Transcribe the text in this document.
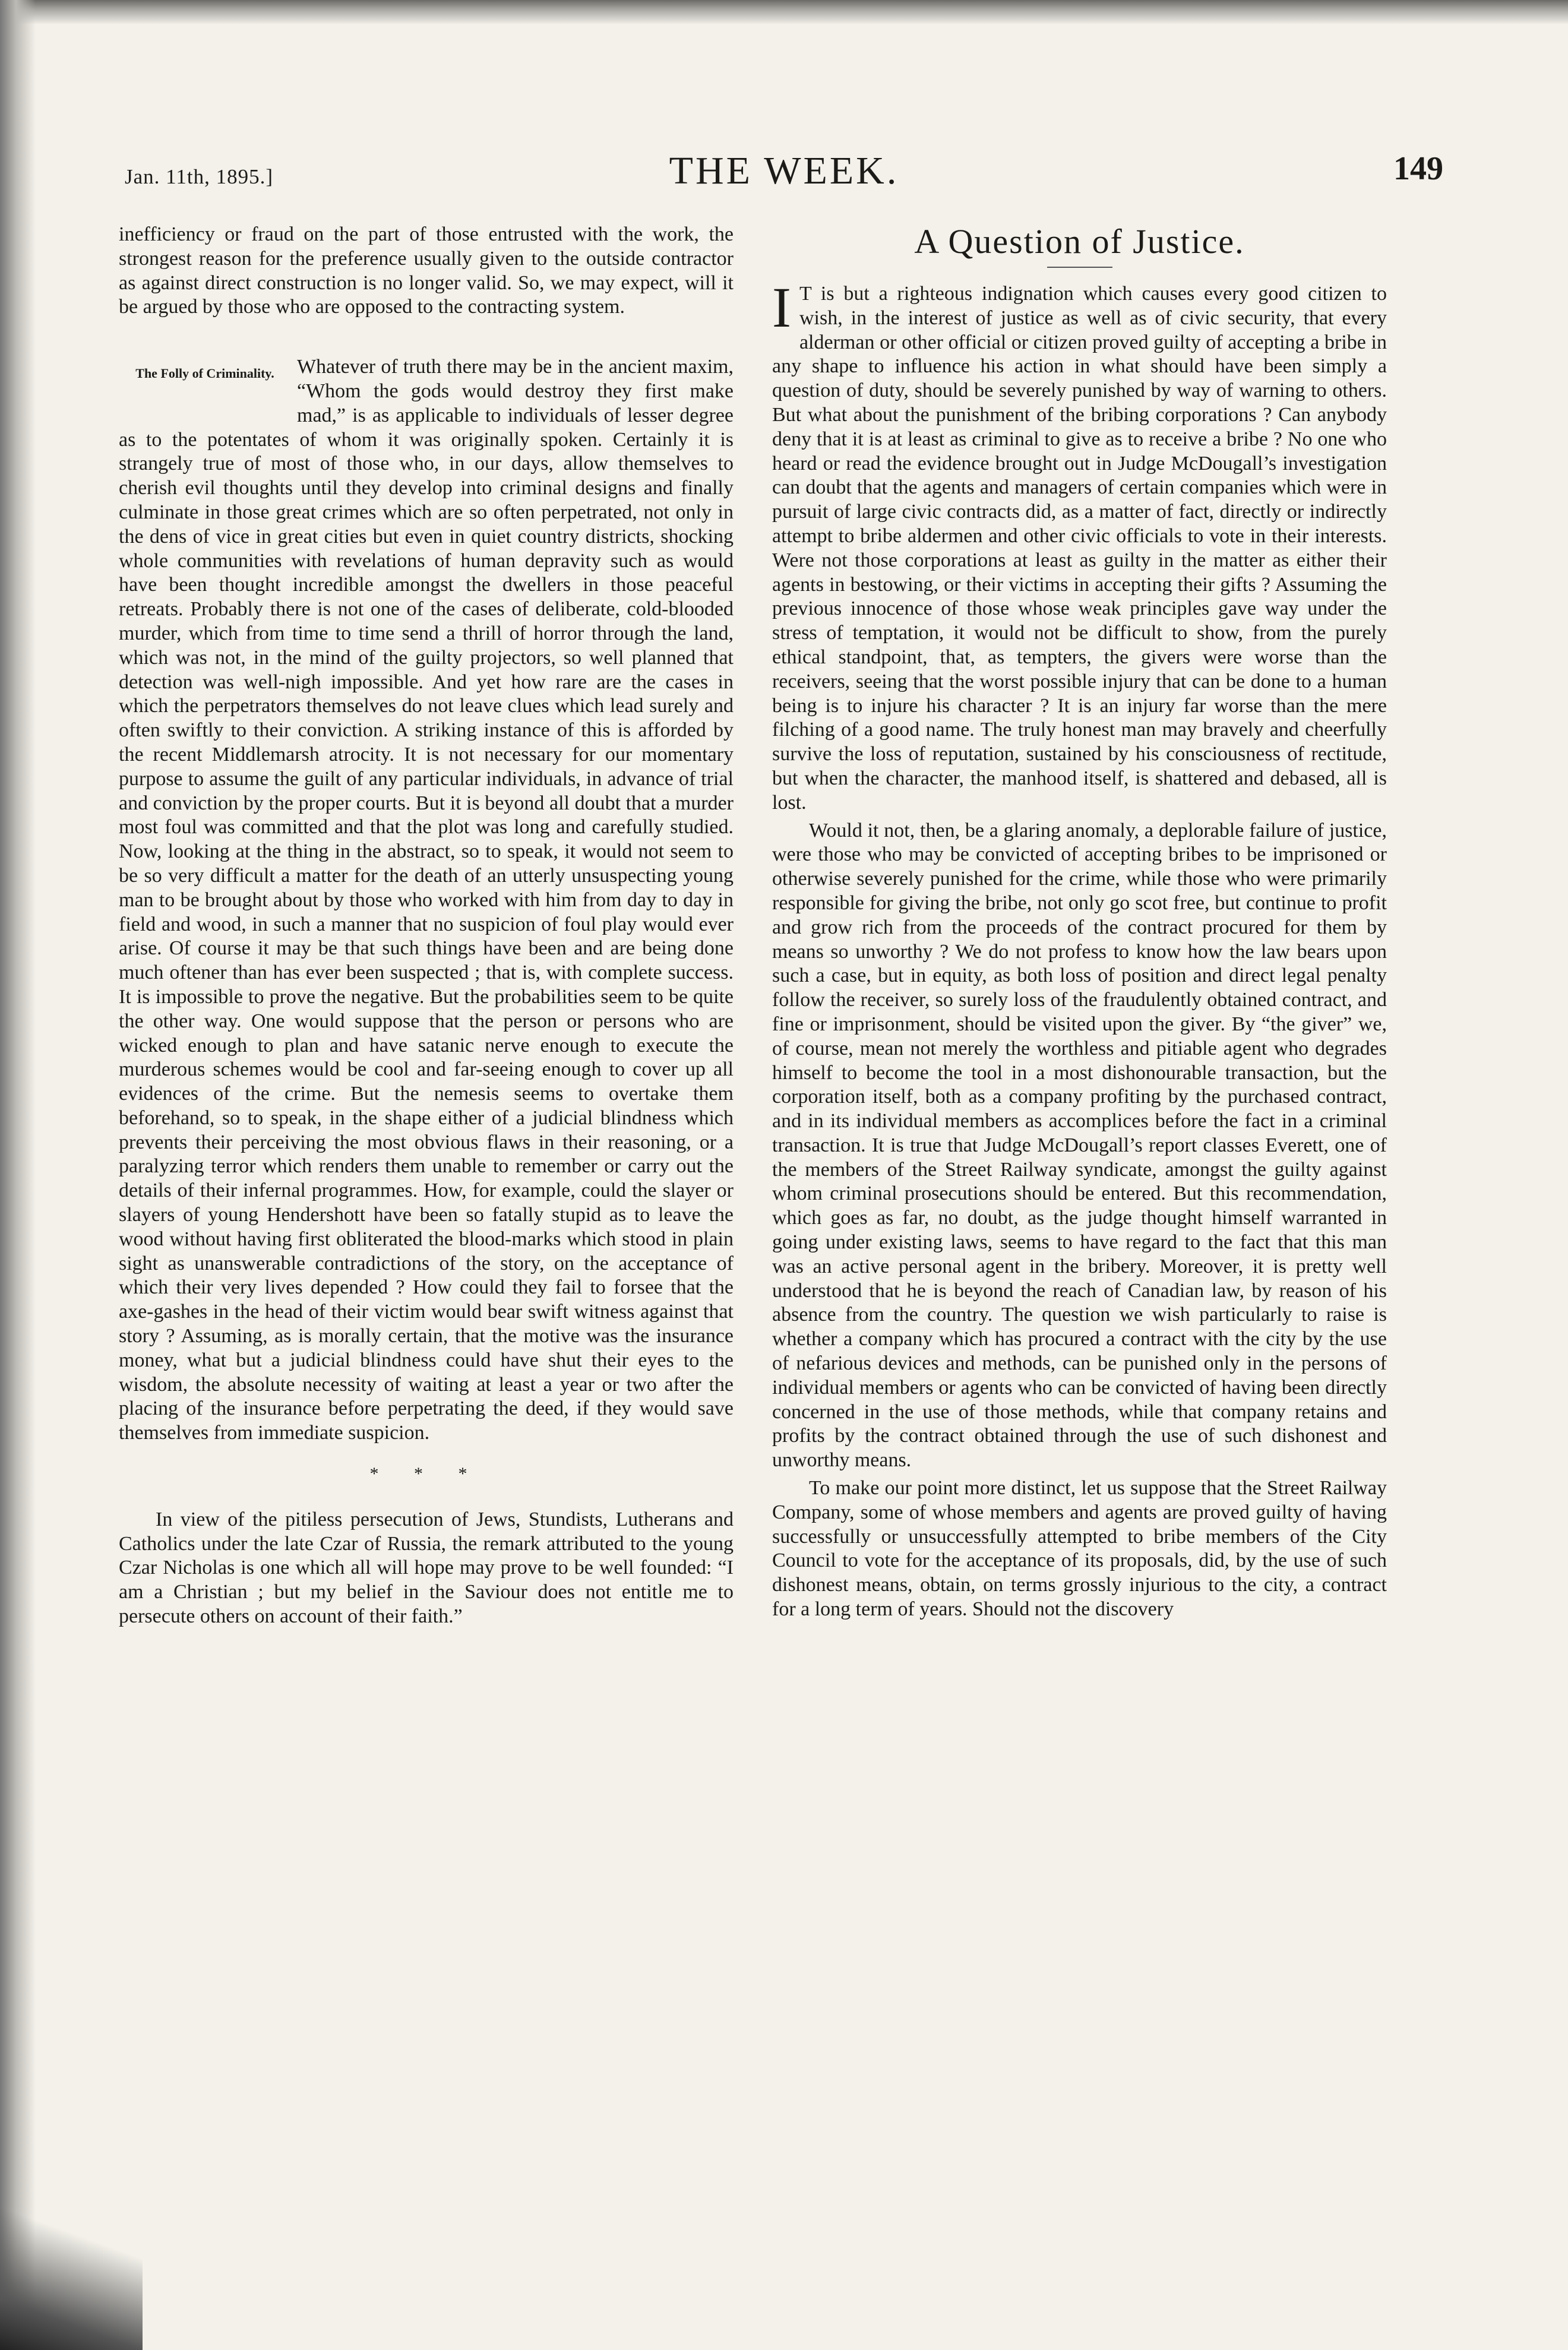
Jan. 11th, 1895.]	THE WEEK.	149

inefficiency or fraud on the part of those entrusted with the work, the strongest reason for the preference usually given to the outside contractor as against direct construction is no longer valid. So, we may expect, will it be argued by those who are opposed to the contracting system.

The Folly of Criminality.	Whatever of truth there may be in the ancient maxim, “Whom the gods would destroy they first make mad,” is as applicable to individuals of lesser degree as to the potentates of whom it was originally spoken. Certainly it is strangely true of most of those who, in our days, allow themselves to cherish evil thoughts until they develop into criminal designs and finally culminate in those great crimes which are so often perpetrated, not only in the dens of vice in great cities but even in quiet country districts, shocking whole communities with revelations of human depravity such as would have been thought incredible amongst the dwellers in those peaceful retreats. Probably there is not one of the cases of deliberate, cold-blooded murder, which from time to time send a thrill of horror through the land, which was not, in the mind of the guilty projectors, so well planned that detection was well-nigh impossible. And yet how rare are the cases in which the perpetrators themselves do not leave clues which lead surely and often swiftly to their conviction. A striking instance of this is afforded by the recent Middlemarsh atrocity. It is not necessary for our momentary purpose to assume the guilt of any particular individuals, in advance of trial and conviction by the proper courts. But it is beyond all doubt that a murder most foul was committed and that the plot was long and carefully studied. Now, looking at the thing in the abstract, so to speak, it would not seem to be so very difficult a matter for the death of an utterly unsuspecting young man to be brought about by those who worked with him from day to day in field and wood, in such a manner that no suspicion of foul play would ever arise. Of course it may be that such things have been and are being done much oftener than has ever been suspected ; that is, with complete success. It is impossible to prove the negative. But the probabilities seem to be quite the other way. One would suppose that the person or persons who are wicked enough to plan and have satanic nerve enough to execute the murderous schemes would be cool and far-seeing enough to cover up all evidences of the crime. But the nemesis seems to overtake them beforehand, so to speak, in the shape either of a judicial blindness which prevents their perceiving the most obvious flaws in their reasoning, or a paralyzing terror which renders them unable to remember or carry out the details of their infernal programmes. How, for example, could the slayer or slayers of young Hendershott have been so fatally stupid as to leave the wood without having first obliterated the blood-marks which stood in plain sight as unanswerable contradictions of the story, on the acceptance of which their very lives depended ? How could they fail to forsee that the axe-gashes in the head of their victim would bear swift witness against that story ? Assuming, as is morally certain, that the motive was the insurance money, what but a judicial blindness could have shut their eyes to the wisdom, the absolute necessity of waiting at least a year or two after the placing of the insurance before perpetrating the deed, if they would save themselves from immediate suspicion.

* * *

In view of the pitiless persecution of Jews, Stundists, Lutherans and Catholics under the late Czar of Russia, the remark attributed to the young Czar Nicholas is one which all will hope may prove to be well founded: “I am a Christian ; but my belief in the Saviour does not entitle me to persecute others on account of their faith.”

A Question of Justice.

I T is but a righteous indignation which causes every good citizen to wish, in the interest of justice as well as of civic security, that every alderman or other official or citizen proved guilty of accepting a bribe in any shape to influence his action in what should have been simply a question of duty, should be severely punished by way of warning to others. But what about the punishment of the bribing corporations ? Can anybody deny that it is at least as criminal to give as to receive a bribe ? No one who heard or read the evidence brought out in Judge McDougall’s investigation can doubt that the agents and managers of certain companies which were in pursuit of large civic contracts did, as a matter of fact, directly or indirectly attempt to bribe aldermen and other civic officials to vote in their interests. Were not those corporations at least as guilty in the matter as either their agents in bestowing, or their victims in accepting their gifts ? Assuming the previous innocence of those whose weak principles gave way under the stress of temptation, it would not be difficult to show, from the purely ethical standpoint, that, as tempters, the givers were worse than the receivers, seeing that the worst possible injury that can be done to a human being is to injure his character ? It is an injury far worse than the mere filching of a good name. The truly honest man may bravely and cheerfully survive the loss of reputation, sustained by his consciousness of rectitude, but when the character, the manhood itself, is shattered and debased, all is lost.

Would it not, then, be a glaring anomaly, a deplorable failure of justice, were those who may be convicted of accepting bribes to be imprisoned or otherwise severely punished for the crime, while those who were primarily responsible for giving the bribe, not only go scot free, but continue to profit and grow rich from the proceeds of the contract procured for them by means so unworthy ? We do not profess to know how the law bears upon such a case, but in equity, as both loss of position and direct legal penalty follow the receiver, so surely loss of the fraudulently obtained contract, and fine or imprisonment, should be visited upon the giver. By “the giver” we, of course, mean not merely the worthless and pitiable agent who degrades himself to become the tool in a most dishonourable transaction, but the corporation itself, both as a company profiting by the purchased contract, and in its individual members as accomplices before the fact in a criminal transaction. It is true that Judge McDougall’s report classes Everett, one of the members of the Street Railway syndicate, amongst the guilty against whom criminal prosecutions should be entered. But this recommendation, which goes as far, no doubt, as the judge thought himself warranted in going under existing laws, seems to have regard to the fact that this man was an active personal agent in the bribery. Moreover, it is pretty well understood that he is beyond the reach of Canadian law, by reason of his absence from the country. The question we wish particularly to raise is whether a company which has procured a contract with the city by the use of nefarious devices and methods, can be punished only in the persons of individual members or agents who can be convicted of having been directly concerned in the use of those methods, while that company retains and profits by the contract obtained through the use of such dishonest and unworthy means.

To make our point more distinct, let us suppose that the Street Railway Company, some of whose members and agents are proved guilty of having successfully or unsuccessfully attempted to bribe members of the City Council to vote for the acceptance of its proposals, did, by the use of such dishonest means, obtain, on terms grossly injurious to the city, a contract for a long term of years. Should not the discovery
